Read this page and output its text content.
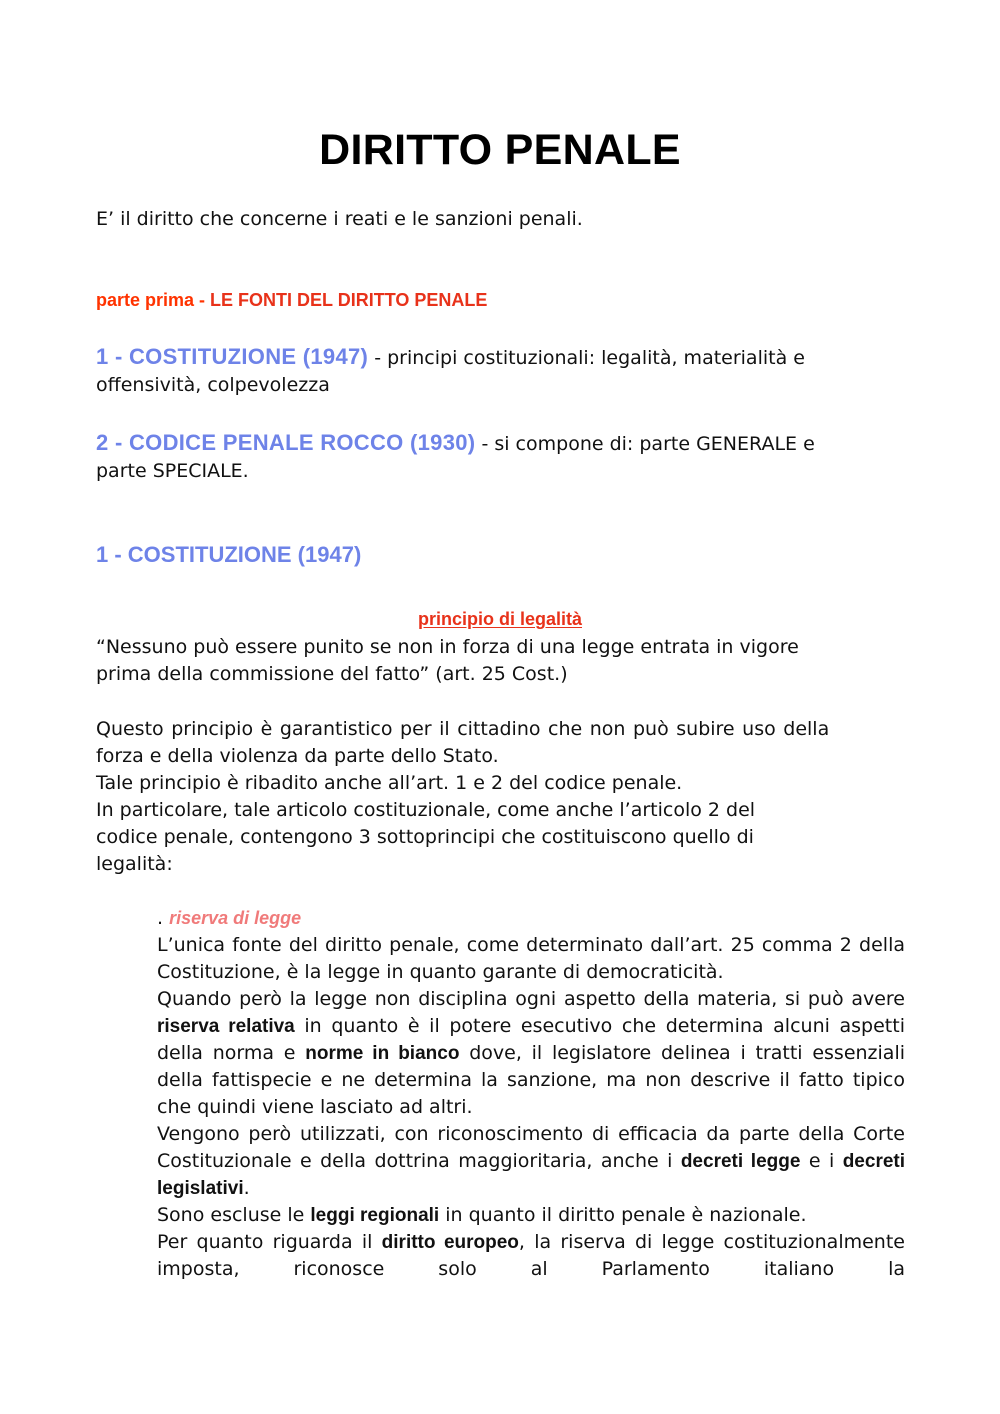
DIRITTO PENALE
E’ il diritto che concerne i reati e le sanzioni penali.
parte prima - LE FONTI DEL DIRITTO PENALE
1 - COSTITUZIONE (1947) - principi costituzionali: legalità, materialità e
offensività, colpevolezza
2 - CODICE PENALE ROCCO (1930) - si compone di: parte GENERALE e
parte SPECIALE.
1 - COSTITUZIONE (1947)
principio di legalità
“Nessuno può essere punito se non in forza di una legge entrata in vigore
prima della commissione del fatto” (art. 25 Cost.)
Questo principio è garantistico per il cittadino che non può subire uso della
forza e della violenza da parte dello Stato.
Tale principio è ribadito anche all’art. 1 e 2 del codice penale.
In particolare, tale articolo costituzionale, come anche l’articolo 2 del
codice penale, contengono 3 sottoprincipi che costituiscono quello di
legalità:
. riserva di legge

L’unica fonte del diritto penale, come determinato dall’art. 25 comma 2 della Costituzione, è la legge in quanto garante di democraticità.

Quando però la legge non disciplina ogni aspetto della materia, si può avere riserva relativa in quanto è il potere esecutivo che determina alcuni aspetti della norma e norme in bianco dove, il legislatore delinea i tratti essenziali della fattispecie e ne determina la sanzione, ma non descrive il fatto tipico che quindi viene lasciato ad altri.

Vengono però utilizzati, con riconoscimento di efficacia da parte della Corte Costituzionale e della dottrina maggioritaria, anche i decreti legge e i decreti legislativi.

Sono escluse le leggi regionali in quanto il diritto penale è nazionale.

Per quanto riguarda il diritto europeo, la riserva di legge costituzionalmente imposta, riconosce solo al Parlamento italiano la
